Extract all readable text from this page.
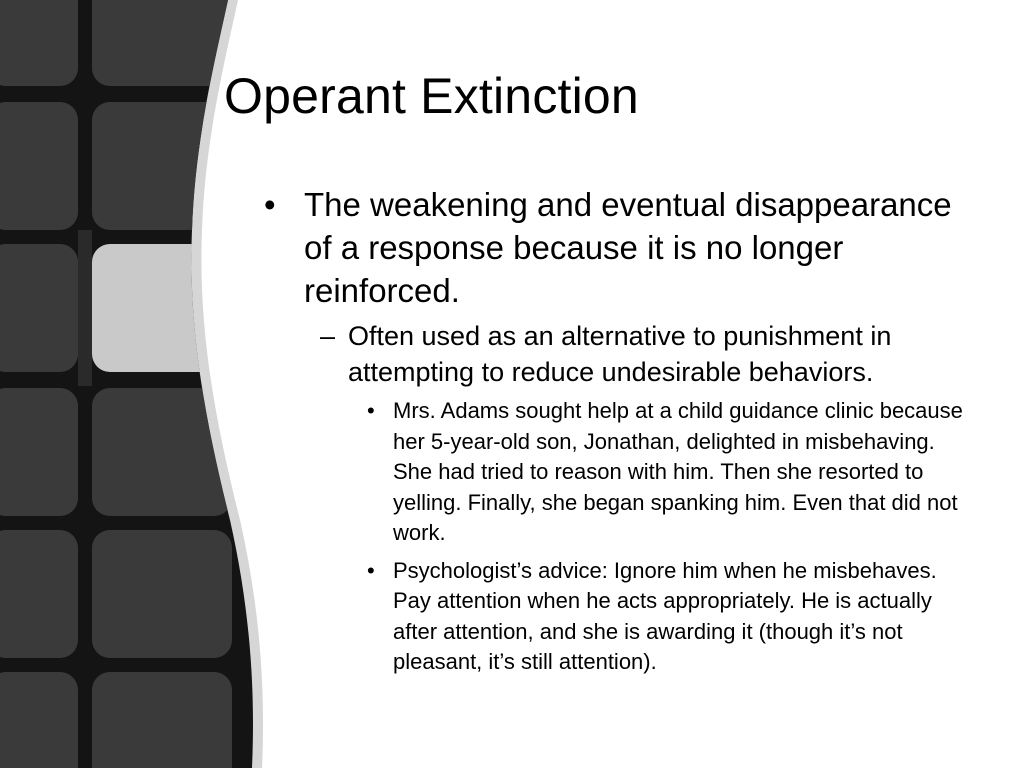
Operant Extinction
• The weakening and eventual disappearance of a response because it is no longer reinforced.
– Often used as an alternative to punishment in attempting to reduce undesirable behaviors.
• Mrs. Adams sought help at a child guidance clinic because her 5-year-old son, Jonathan, delighted in misbehaving. She had tried to reason with him. Then she resorted to yelling. Finally, she began spanking him. Even that did not work.
• Psychologist’s advice: Ignore him when he misbehaves. Pay attention when he acts appropriately. He is actually after attention, and she is awarding it (though it’s not pleasant, it’s still attention).
